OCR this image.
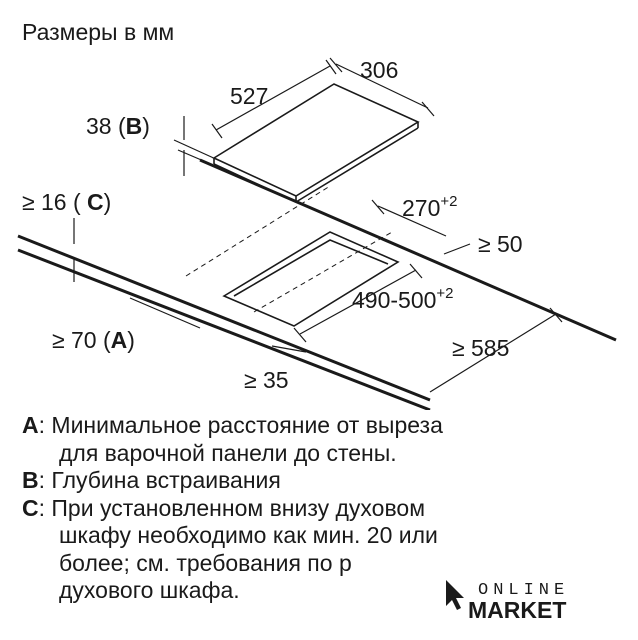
Размеры в мм
527
306
38 (B)
≥ 16 ( C)	$270^{+2}$
≥ 50
$490-500^{+2}$
≥ 70 (A)
≥ 35
≥ 585
A : Минимальное расстояние от выреза
для варочной панели до стены.
B : Глубина встраивания
C : При установленном внизу духовом
шкафу необходимо как мин. 20 или
более; см. требования по р
духового шкафа.	ONLINE
MARKET
